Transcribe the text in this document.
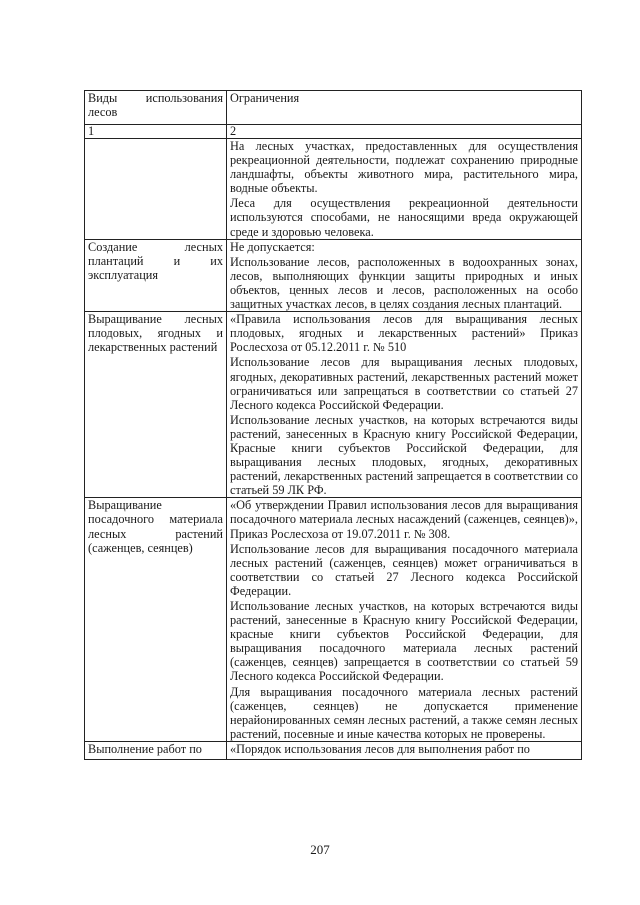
Виды использования лесов	Ограничения
1	2

	На лесных участках, предоставленных для осуществления рекреационной деятельности, подлежат сохранению природные ландшафты, объекты животного мира, растительного мира, водные объекты.

Леса для осуществления рекреационной деятельности используются способами, не наносящими вреда окружающей среде и здоровью человека.

Создание лесных плантаций и их эксплуатация	Не допускается:

Использование лесов, расположенных в водоохранных зонах, лесов, выполняющих функции защиты природных и иных объектов, ценных лесов и лесов, расположенных на особо защитных участках лесов, в целях создания лесных плантаций.

Выращивание лесных плодовых, ягодных и лекарственных растений	«Правила использования лесов для выращивания лесных плодовых, ягодных и лекарственных растений» Приказ Рослесхоза от 05.12.2011 г. № 510

Использование лесов для выращивания лесных плодовых, ягодных, декоративных растений, лекарственных растений может ограничиваться или запрещаться в соответствии со статьей 27 Лесного кодекса Российской Федерации.

Использование лесных участков, на которых встречаются виды растений, занесенных в Красную книгу Российской Федерации, Красные книги субъектов Российской Федерации, для выращивания лесных плодовых, ягодных, декоративных растений, лекарственных растений запрещается в соответствии со статьей 59 ЛК РФ.

Выращивание посадочного материала лесных растений (саженцев, сеянцев)	«Об утверждении Правил использования лесов для выращивания посадочного материала лесных насаждений (саженцев, сеянцев)», Приказ Рослесхоза от 19.07.2011 г. № 308.

Использование лесов для выращивания посадочного материала лесных растений (саженцев, сеянцев) может ограничиваться в соответствии со статьей 27 Лесного кодекса Российской Федерации.

Использование лесных участков, на которых встречаются виды растений, занесенные в Красную книгу Российской Федерации, красные книги субъектов Российской Федерации, для выращивания посадочного материала лесных растений (саженцев, сеянцев) запрещается в соответствии со статьей 59 Лесного кодекса Российской Федерации.

Для выращивания посадочного материала лесных растений (саженцев, сеянцев) не допускается применение нерайонированных семян лесных растений, а также семян лесных растений, посевные и иные качества которых не проверены.

Выполнение работ по	«Порядок использования лесов для выполнения работ по

207
